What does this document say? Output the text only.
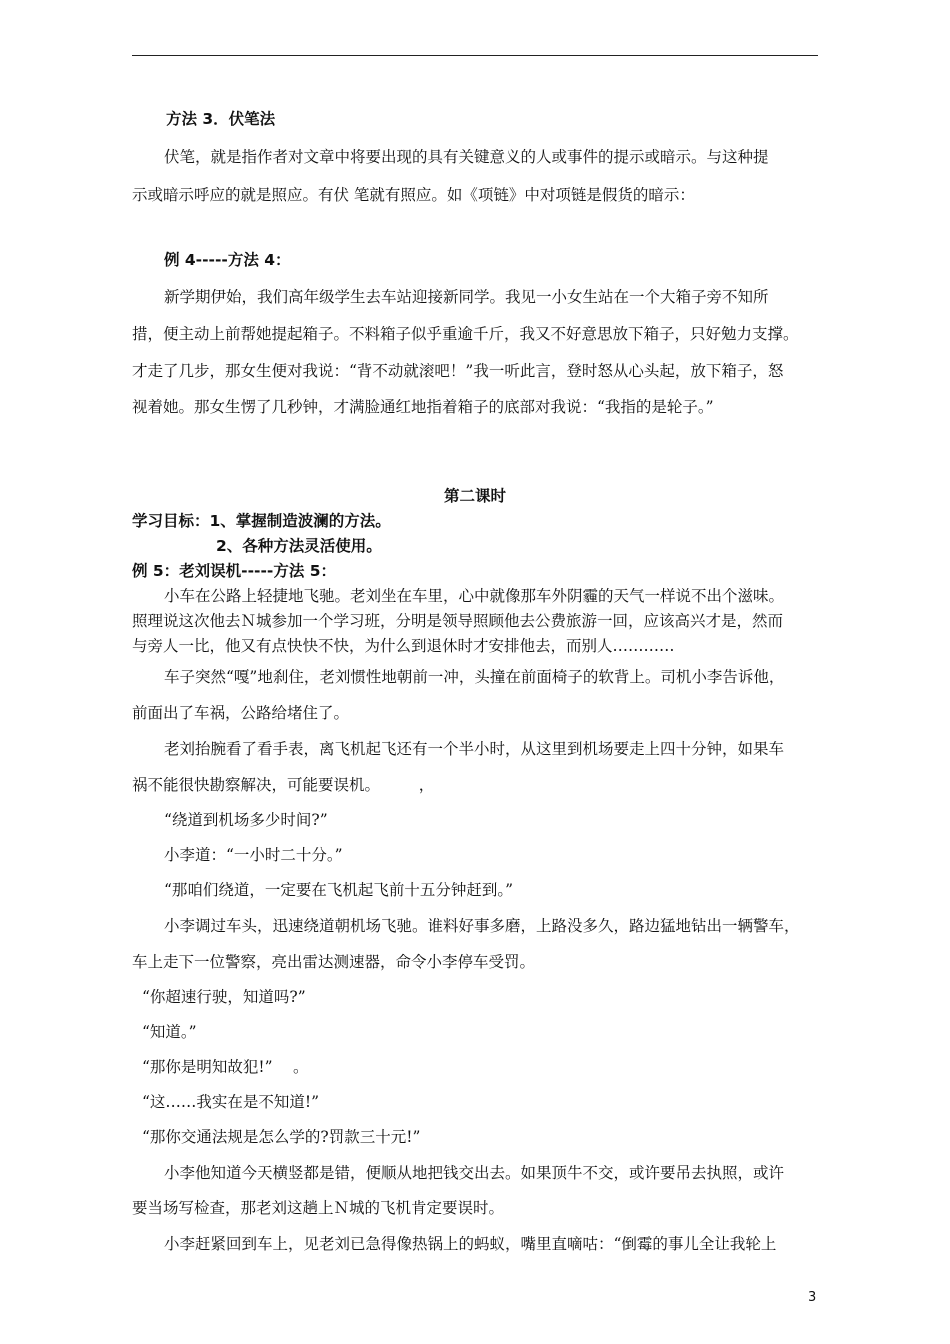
方法 3．伏笔法
伏笔，就是指作者对文章中将要出现的具有关键意义的人或事件的提示或暗示。与这种提
示或暗示呼应的就是照应。有伏 笔就有照应。如《项链》中对项链是假货的暗示：
例 4-----方法 4：
新学期伊始，我们高年级学生去车站迎接新同学。我见一小女生站在一个大箱子旁不知所
措，便主动上前帮她提起箱子。不料箱子似乎重逾千斤，我又不好意思放下箱子，只好勉力支撑。
才走了几步，那女生便对我说：“背不动就滚吧！”我一听此言，登时怒从心头起，放下箱子，怒
视着她。那女生愣了几秒钟，才满脸通红地指着箱子的底部对我说：“我指的是轮子。”
第二课时
学习目标：1、掌握制造波澜的方法。
2、各种方法灵活使用。
例 5：老刘误机-----方法 5：
小车在公路上轻捷地飞驰。老刘坐在车里，心中就像那车外阴霾的天气一样说不出个滋味。
照理说这次他去Ｎ城参加一个学习班，分明是领导照顾他去公费旅游一回，应该高兴才是，然而
与旁人一比，他又有点快快不快，为什么到退休时才安排他去，而别人…………
车子突然“嘎”地刹住，老刘惯性地朝前一冲，头撞在前面椅子的软背上。司机小李告诉他，
前面出了车祸，公路给堵住了。
老刘抬腕看了看手表，离飞机起飞还有一个半小时，从这里到机场要走上四十分钟，如果车
祸不能很快勘察解决，可能要误机。　　　，
“绕道到机场多少时间?”
小李道：“一小时二十分。”
“那咱们绕道，一定要在飞机起飞前十五分钟赶到。”
小李调过车头，迅速绕道朝机场飞驰。谁料好事多磨，上路没多久，路边猛地钻出一辆警车，
车上走下一位警察，亮出雷达测速器，命令小李停车受罚。
“你超速行驶，知道吗?”
“知道。”
“那你是明知故犯!”　 。
“这……我实在是不知道!”
“那你交通法规是怎么学的?罚款三十元!”
小李他知道今天横竖都是错，便顺从地把钱交出去。如果顶牛不交，或许要吊去执照，或许
要当场写检查，那老刘这趟上Ｎ城的飞机肯定要误时。
小李赶紧回到车上，见老刘已急得像热锅上的蚂蚁，嘴里直嘀咕：“倒霉的事儿全让我轮上
3
